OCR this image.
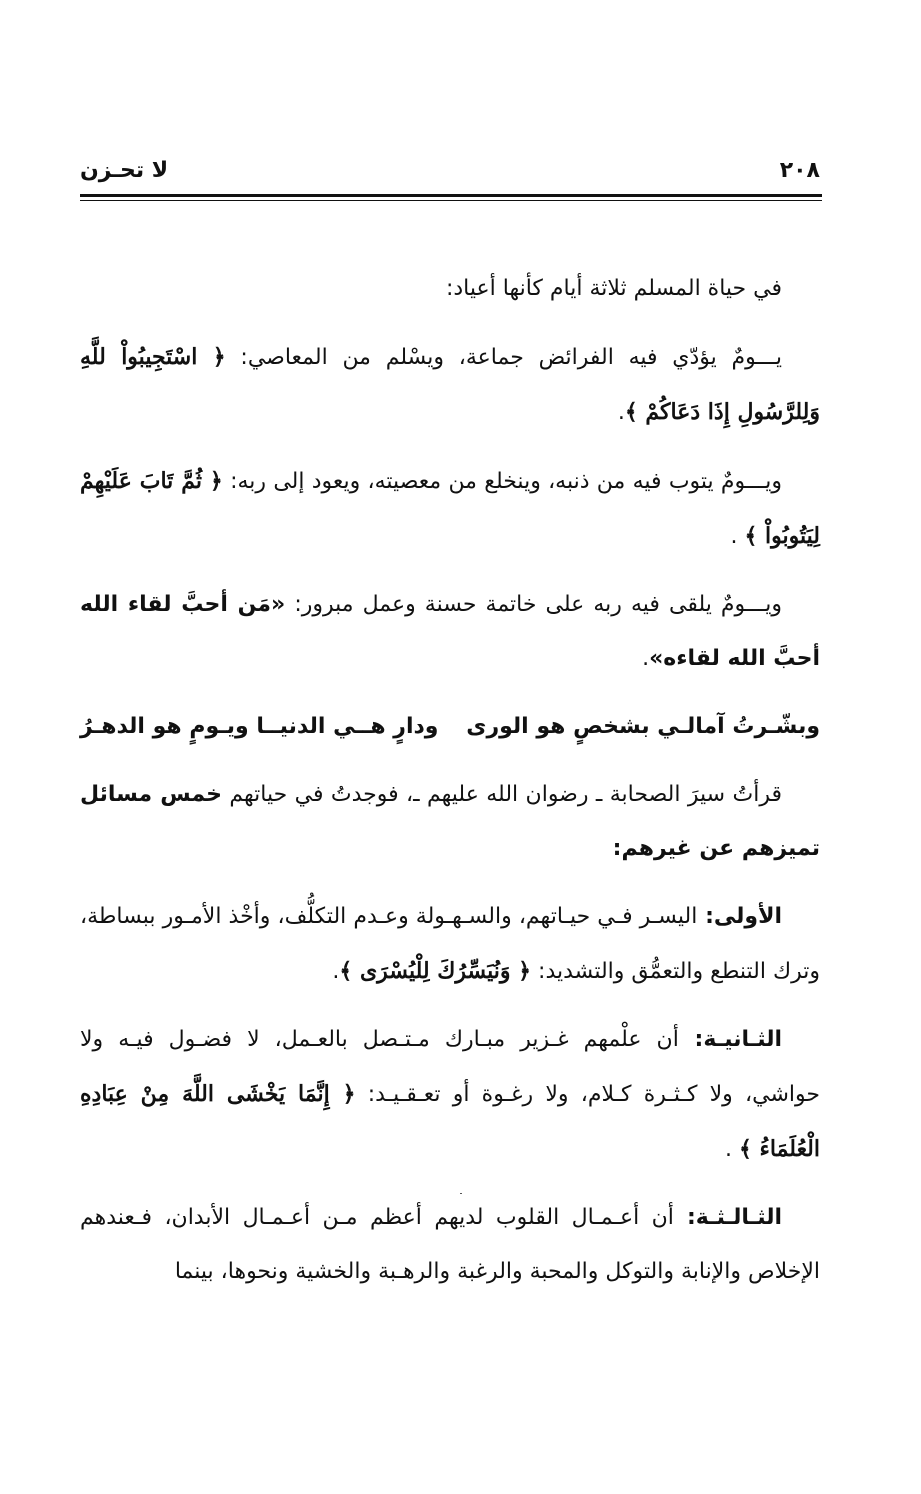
٢٠٨
لا تحـزن

في حياة المسلم ثلاثة أيام كأنها أعياد:

يـــومٌ يؤدّي فيه الفرائض جماعة، ويسْلم من المعاصي: ﴿ اسْتَجِيبُواْ للَّهِ وَلِلرَّسُولِ إِذَا دَعَاكُمْ ﴾.

ويـــومٌ يتوب فيه من ذنبه، وينخلع من معصيته، ويعود إلى ربه: ﴿ ثُمَّ تَابَ عَلَيْهِمْ لِيَتُوبُواْ ﴾ .

ويـــومٌ يلقى فيه ربه على خاتمة حسنة وعمل مبرور: «مَن أحبَّ لقاء الله أحبَّ الله لقاءه».

وبشّـرتُ آمالـي بشخصٍ هو الورى
ودارٍ هــي الدنيــا ويـومٍ هو الدهـرُ

قرأتُ سيرَ الصحابة ـ رضوان الله عليهم ـ، فوجدتُ في حياتهم خمس مسائل تميزهم عن غيرهم:

الأولى: اليسـر فـي حيـاتهم، والسـهـولة وعـدم التكلُّف، وأخْذ الأمـور ببساطة، وترك التنطع والتعمُّق والتشديد: ﴿ وَنُيَسِّرُكَ لِلْيُسْرَى ﴾.

الثـانيـة: أن علْمهم غـزير مبـارك مـتـصل بالعـمل، لا فضـول فيـه ولا حواشي، ولا كـثـرة كـلام، ولا رغـوة أو تعـقـيـد: ﴿ إِنَّمَا يَخْشَى اللَّهَ مِنْ عِبَادِهِ الْعُلَمَاءُ ﴾ .

الثـالـثـة: أن أعـمـال القلوب لديهم أعظم مـن أعـمـال الأبدان، فـعندهم الإخلاص والإنابة والتوكل والمحبة والرغبة والرهـبة والخشية ونحوها، بينما
